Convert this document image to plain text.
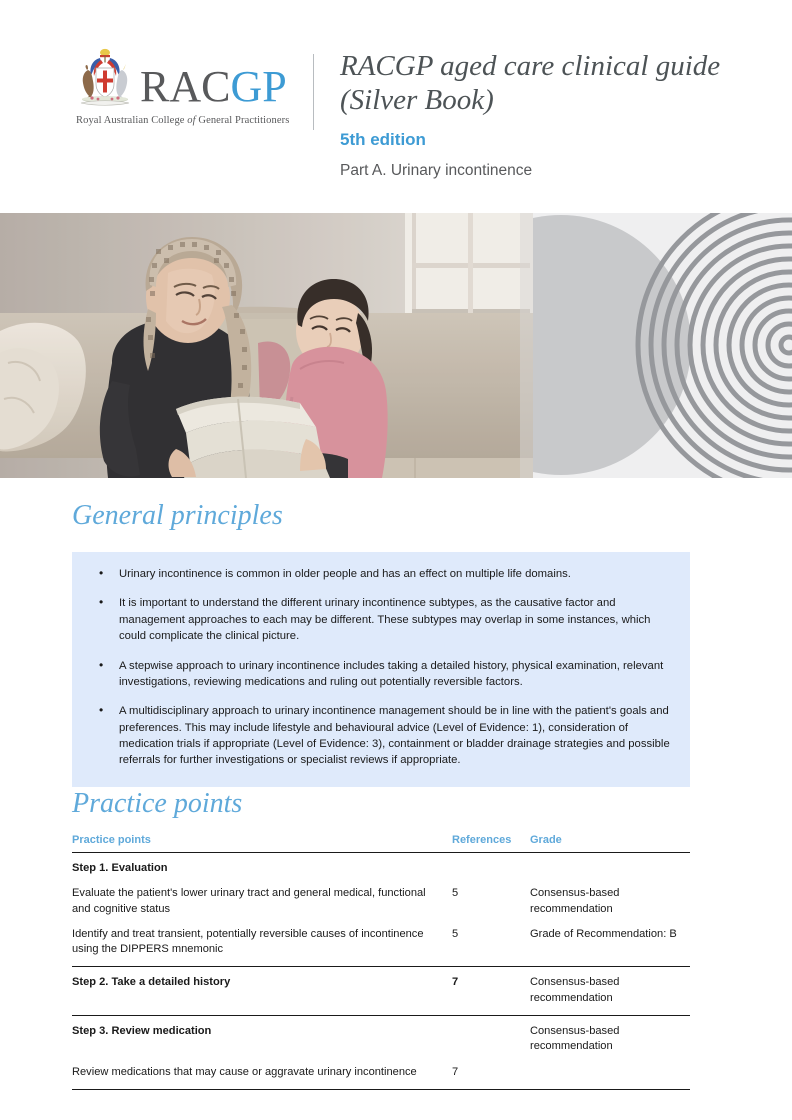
RACGP
Royal Australian College of General Practitioners
RACGP aged care clinical guide (Silver Book)
5th edition
Part A. Urinary incontinence
General principles
• Urinary incontinence is common in older people and has an effect on multiple life domains.
• It is important to understand the different urinary incontinence subtypes, as the causative factor and management approaches to each may be different. These subtypes may overlap in some instances, which could complicate the clinical picture.
• A stepwise approach to urinary incontinence includes taking a detailed history, physical examination, relevant investigations, reviewing medications and ruling out potentially reversible factors.
• A multidisciplinary approach to urinary incontinence management should be in line with the patient's goals and preferences. This may include lifestyle and behavioural advice (Level of Evidence: 1), consideration of medication trials if appropriate (Level of Evidence: 3), containment or bladder drainage strategies and possible referrals for further investigations or specialist reviews if appropriate.
Practice points
Practice points	References	Grade
Step 1. Evaluation		
Evaluate the patient's lower urinary tract and general medical, functional and cognitive status	5	Consensus-based recommendation
Identify and treat transient, potentially reversible causes of incontinence using the DIPPERS mnemonic	5	Grade of Recommendation: B
Step 2. Take a detailed history	7	Consensus-based recommendation
Step 3. Review medication		Consensus-based recommendation
Review medications that may cause or aggravate urinary incontinence	7	
